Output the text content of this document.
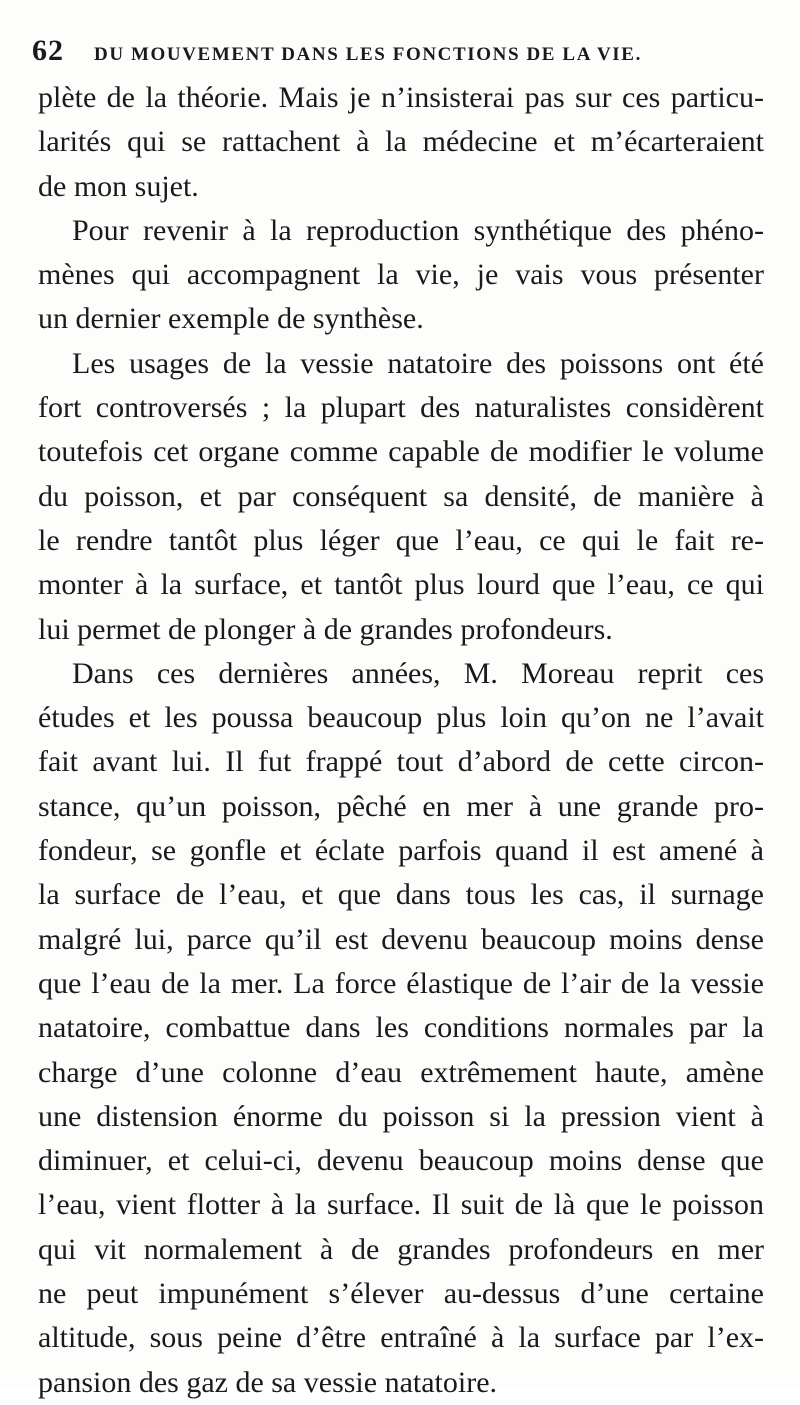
62 DU MOUVEMENT DANS LES FONCTIONS DE LA VIE.
plète de la théorie. Mais je n’insisterai pas sur ces particu-
larités qui se rattachent à la médecine et m’écarteraient
de mon sujet.
Pour revenir à la reproduction synthétique des phéno-
mènes qui accompagnent la vie, je vais vous présenter
un dernier exemple de synthèse.
Les usages de la vessie natatoire des poissons ont été
fort controversés ; la plupart des naturalistes considèrent
toutefois cet organe comme capable de modifier le volume
du poisson, et par conséquent sa densité, de manière à
le rendre tantôt plus léger que l’eau, ce qui le fait re-
monter à la surface, et tantôt plus lourd que l’eau, ce qui
lui permet de plonger à de grandes profondeurs.
Dans ces dernières années, M. Moreau reprit ces
études et les poussa beaucoup plus loin qu’on ne l’avait
fait avant lui. Il fut frappé tout d’abord de cette circon-
stance, qu’un poisson, pêché en mer à une grande pro-
fondeur, se gonfle et éclate parfois quand il est amené à
la surface de l’eau, et que dans tous les cas, il surnage
malgré lui, parce qu’il est devenu beaucoup moins dense
que l’eau de la mer. La force élastique de l’air de la vessie
natatoire, combattue dans les conditions normales par la
charge d’une colonne d’eau extrêmement haute, amène
une distension énorme du poisson si la pression vient à
diminuer, et celui-ci, devenu beaucoup moins dense que
l’eau, vient flotter à la surface. Il suit de là que le poisson
qui vit normalement à de grandes profondeurs en mer
ne peut impunément s’élever au-dessus d’une certaine
altitude, sous peine d’être entraîné à la surface par l’ex-
pansion des gaz de sa vessie natatoire.
